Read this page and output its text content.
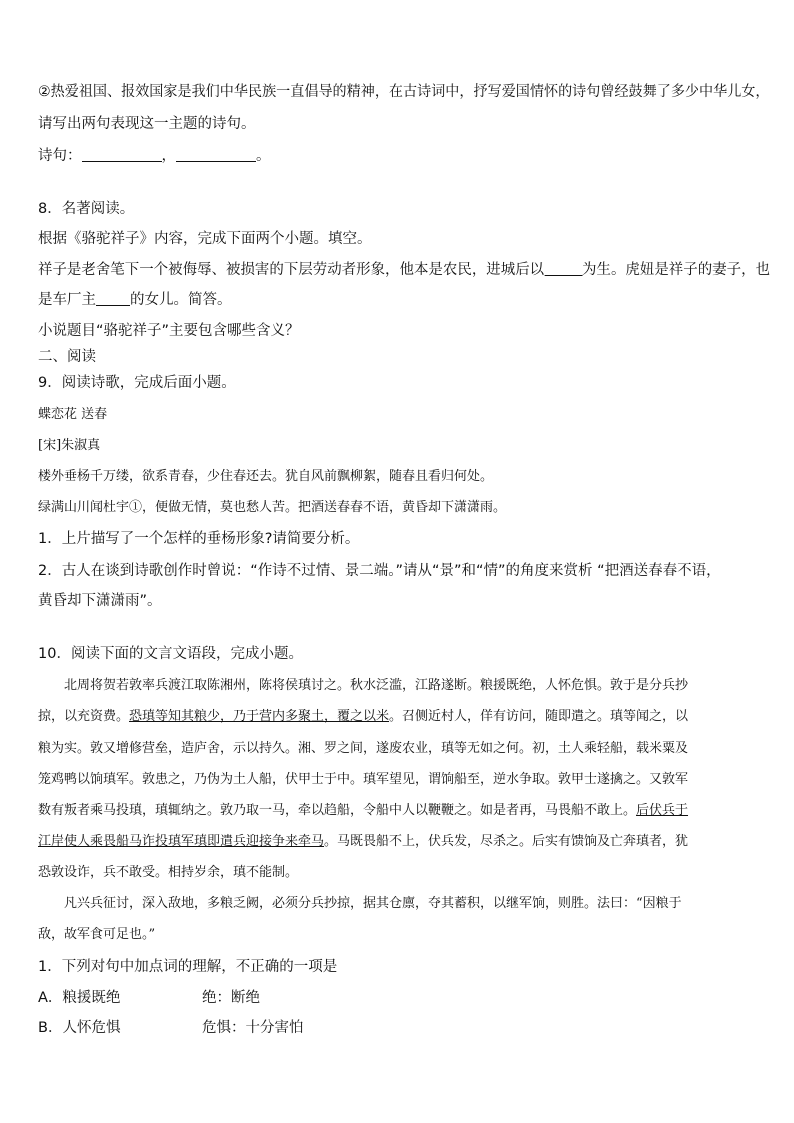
②热爱祖国、报效国家是我们中华民族一直倡导的精神，在古诗词中，抒写爱国情怀的诗句曾经鼓舞了多少中华儿女，
请写出两句表现这一主题的诗句。
诗句：	，	。
8．名著阅读。
根据《骆驼祥子》内容，完成下面两个小题。填空。
祥子是老舍笔下一个被侮辱、被损害的下层劳动者形象，他本是农民，进城后以	为生。虎妞是祥子的妻子，也
是车厂主 的女儿。简答。
小说题目“骆驼祥子”主要包含哪些含义？
二、阅读
9．阅读诗歌，完成后面小题。
蝶恋花 送春
[宋]朱淑真
楼外垂杨千万缕，欲系青春，少住春还去。犹自风前飘柳絮，随春且看归何处。
绿满山川闻杜宇①，便做无情，莫也愁人苦。把酒送春春不语，黄昏却下潇潇雨。
1．上片描写了一个怎样的垂杨形象?请简要分析。
2．古人在谈到诗歌创作时曾说：“作诗不过情、景二端。”请从“景”和“情”的角度来赏析 “把酒送春春不语，
黄昏却下潇潇雨”。
10．阅读下面的文言文语段，完成小题。
北周将贺若敦率兵渡江取陈湘州，陈将侯瑱讨之。秋水泛滥，江路遂断。粮援既绝，人怀危惧。敦于是分兵抄
掠，以充资费。恐瑱等知其粮少，乃于营内多聚土，覆之以米。召侧近村人，佯有访问，随即遣之。瑱等闻之，以
粮为实。敦又增修营垒，造庐舍，示以持久。湘、罗之间，遂废农业，瑱等无如之何。初，土人乘轻船，载米粟及
笼鸡鸭以饷瑱军。敦患之，乃伪为土人船，伏甲士于中。瑱军望见，谓饷船至，逆水争取。敦甲士遂擒之。又敦军
数有叛者乘马投瑱，瑱辄纳之。敦乃取一马，牵以趋船，令船中人以鞭鞭之。如是者再，马畏船不敢上。后伏兵于
江岸使人乘畏船马诈投瑱军瑱即遣兵迎接争来牵马。马既畏船不上，伏兵发，尽杀之。后实有馈饷及亡奔瑱者，犹
恐敦设诈，兵不敢受。相持岁余，瑱不能制。
凡兴兵征讨，深入敌地，多粮乏阙，必须分兵抄掠，据其仓廪，夺其蓄积，以继军饷，则胜。法曰：“因粮于
敌，故军食可足也。”
1．下列对句中加点词的理解，不正确的一项是
A．粮援既绝	绝：断绝
B．人怀危惧	危惧：十分害怕
